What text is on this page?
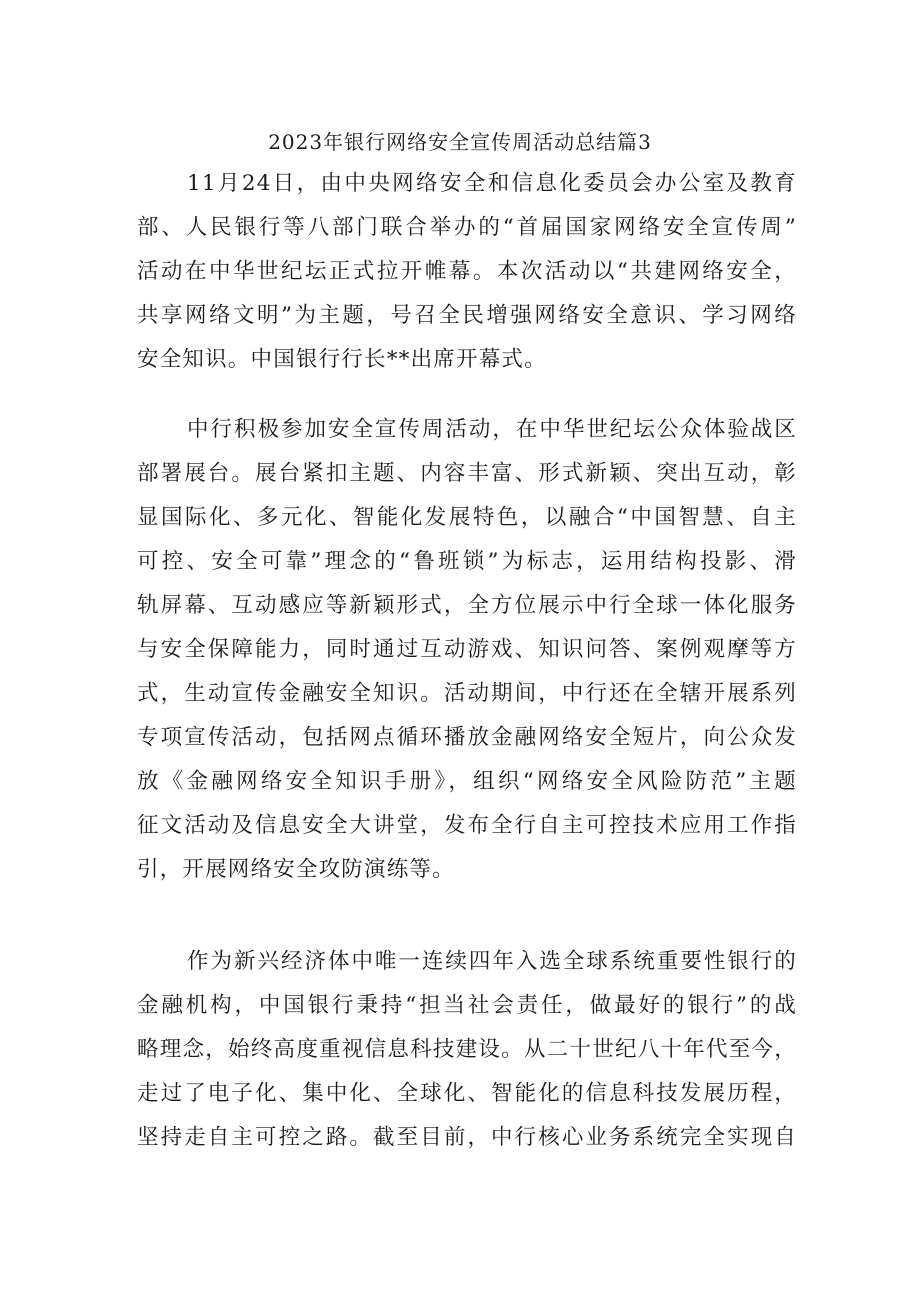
2023年银行网络安全宣传周活动总结篇3
11月24日，由中央网络安全和信息化委员会办公室及教育
部、人民银行等八部门联合举办的“首届国家网络安全宣传周”
活动在中华世纪坛正式拉开帷幕。本次活动以“共建网络安全，
共享网络文明”为主题，号召全民增强网络安全意识、学习网络
安全知识。中国银行行长**出席开幕式。
中行积极参加安全宣传周活动，在中华世纪坛公众体验战区
部署展台。展台紧扣主题、内容丰富、形式新颖、突出互动，彰
显国际化、多元化、智能化发展特色，以融合“中国智慧、自主
可控、安全可靠”理念的“鲁班锁”为标志，运用结构投影、滑
轨屏幕、互动感应等新颖形式，全方位展示中行全球一体化服务
与安全保障能力，同时通过互动游戏、知识问答、案例观摩等方
式，生动宣传金融安全知识。活动期间，中行还在全辖开展系列
专项宣传活动，包括网点循环播放金融网络安全短片，向公众发
放《金融网络安全知识手册》，组织“网络安全风险防范”主题
征文活动及信息安全大讲堂，发布全行自主可控技术应用工作指
引，开展网络安全攻防演练等。
作为新兴经济体中唯一连续四年入选全球系统重要性银行的
金融机构，中国银行秉持“担当社会责任，做最好的银行”的战
略理念，始终高度重视信息科技建设。从二十世纪八十年代至今，
走过了电子化、集中化、全球化、智能化的信息科技发展历程，
坚持走自主可控之路。截至目前，中行核心业务系统完全实现自
